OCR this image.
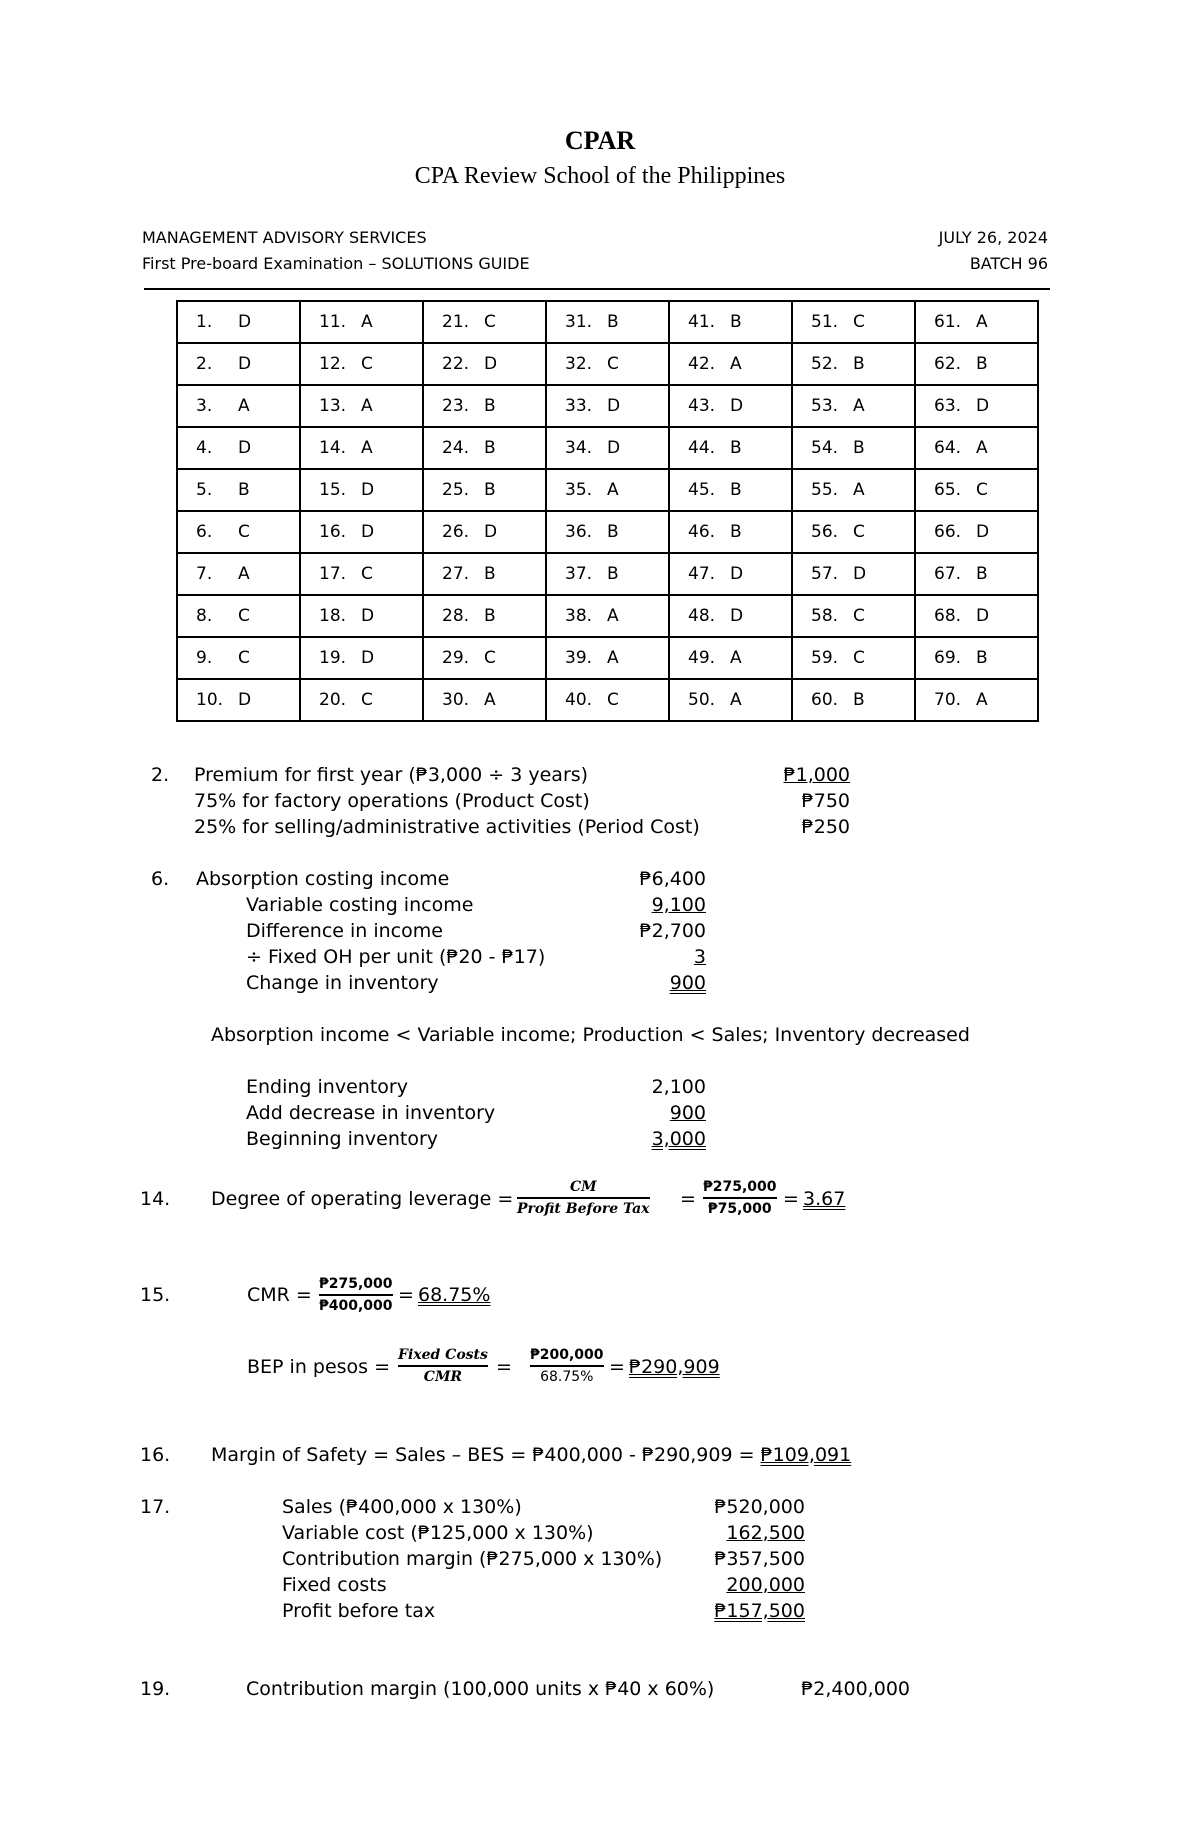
CPAR
CPA Review School of the Philippines
MANAGEMENT ADVISORY SERVICES
First Pre-board Examination – SOLUTIONS GUIDE
JULY 26, 2024
BATCH 96
1. D	11. A	21. C	31. B	41. B	51. C	61. A
2. D	12. C	22. D	32. C	42. A	52. B	62. B
3. A	13. A	23. B	33. D	43. D	53. A	63. D
4. D	14. A	24. B	34. D	44. B	54. B	64. A
5. B	15. D	25. B	35. A	45. B	55. A	65. C
6. C	16. D	26. D	36. B	46. B	56. C	66. D
7. A	17. C	27. B	37. B	47. D	57. D	67. B
8. C	18. D	28. B	38. A	48. D	58. C	68. D
9. C	19. D	29. C	39. A	49. A	59. C	69. B
10. D	20. C	30. A	40. C	50. A	60. B	70. A
2. Premium for first year (₱3,000 ÷ 3 years)	₱1,000
75% for factory operations (Product Cost)	₱750
25% for selling/administrative activities (Period Cost)	₱250
6. Absorption costing income	₱6,400
Variable costing income	9,100
Difference in income	₱2,700
÷ Fixed OH per unit (₱20 - ₱17)	3
Change in inventory	900
Absorption income < Variable income; Production < Sales; Inventory decreased
Ending inventory	2,100
Add decrease in inventory	900
Beginning inventory	3,000
14. Degree of operating leverage =
CM
Profit Before Tax =
₱275,000
₱75,000 = 3.67
15.	CMR = ₱275,000
₱400,000 = 68.75%
BEP in pesos =
Fixed Costs
CMR =
₱200,000
68.75% = ₱290,909
16. Margin of Safety = Sales – BES = ₱400,000 - ₱290,909 = ₱109,091
17.	Sales (₱400,000 x 130%)	₱520,000
Variable cost (₱125,000 x 130%)	162,500
Contribution margin (₱275,000 x 130%)	₱357,500
Fixed costs	200,000
Profit before tax	₱157,500
19.	Contribution margin (100,000 units x ₱40 x 60%)	₱2,400,000
